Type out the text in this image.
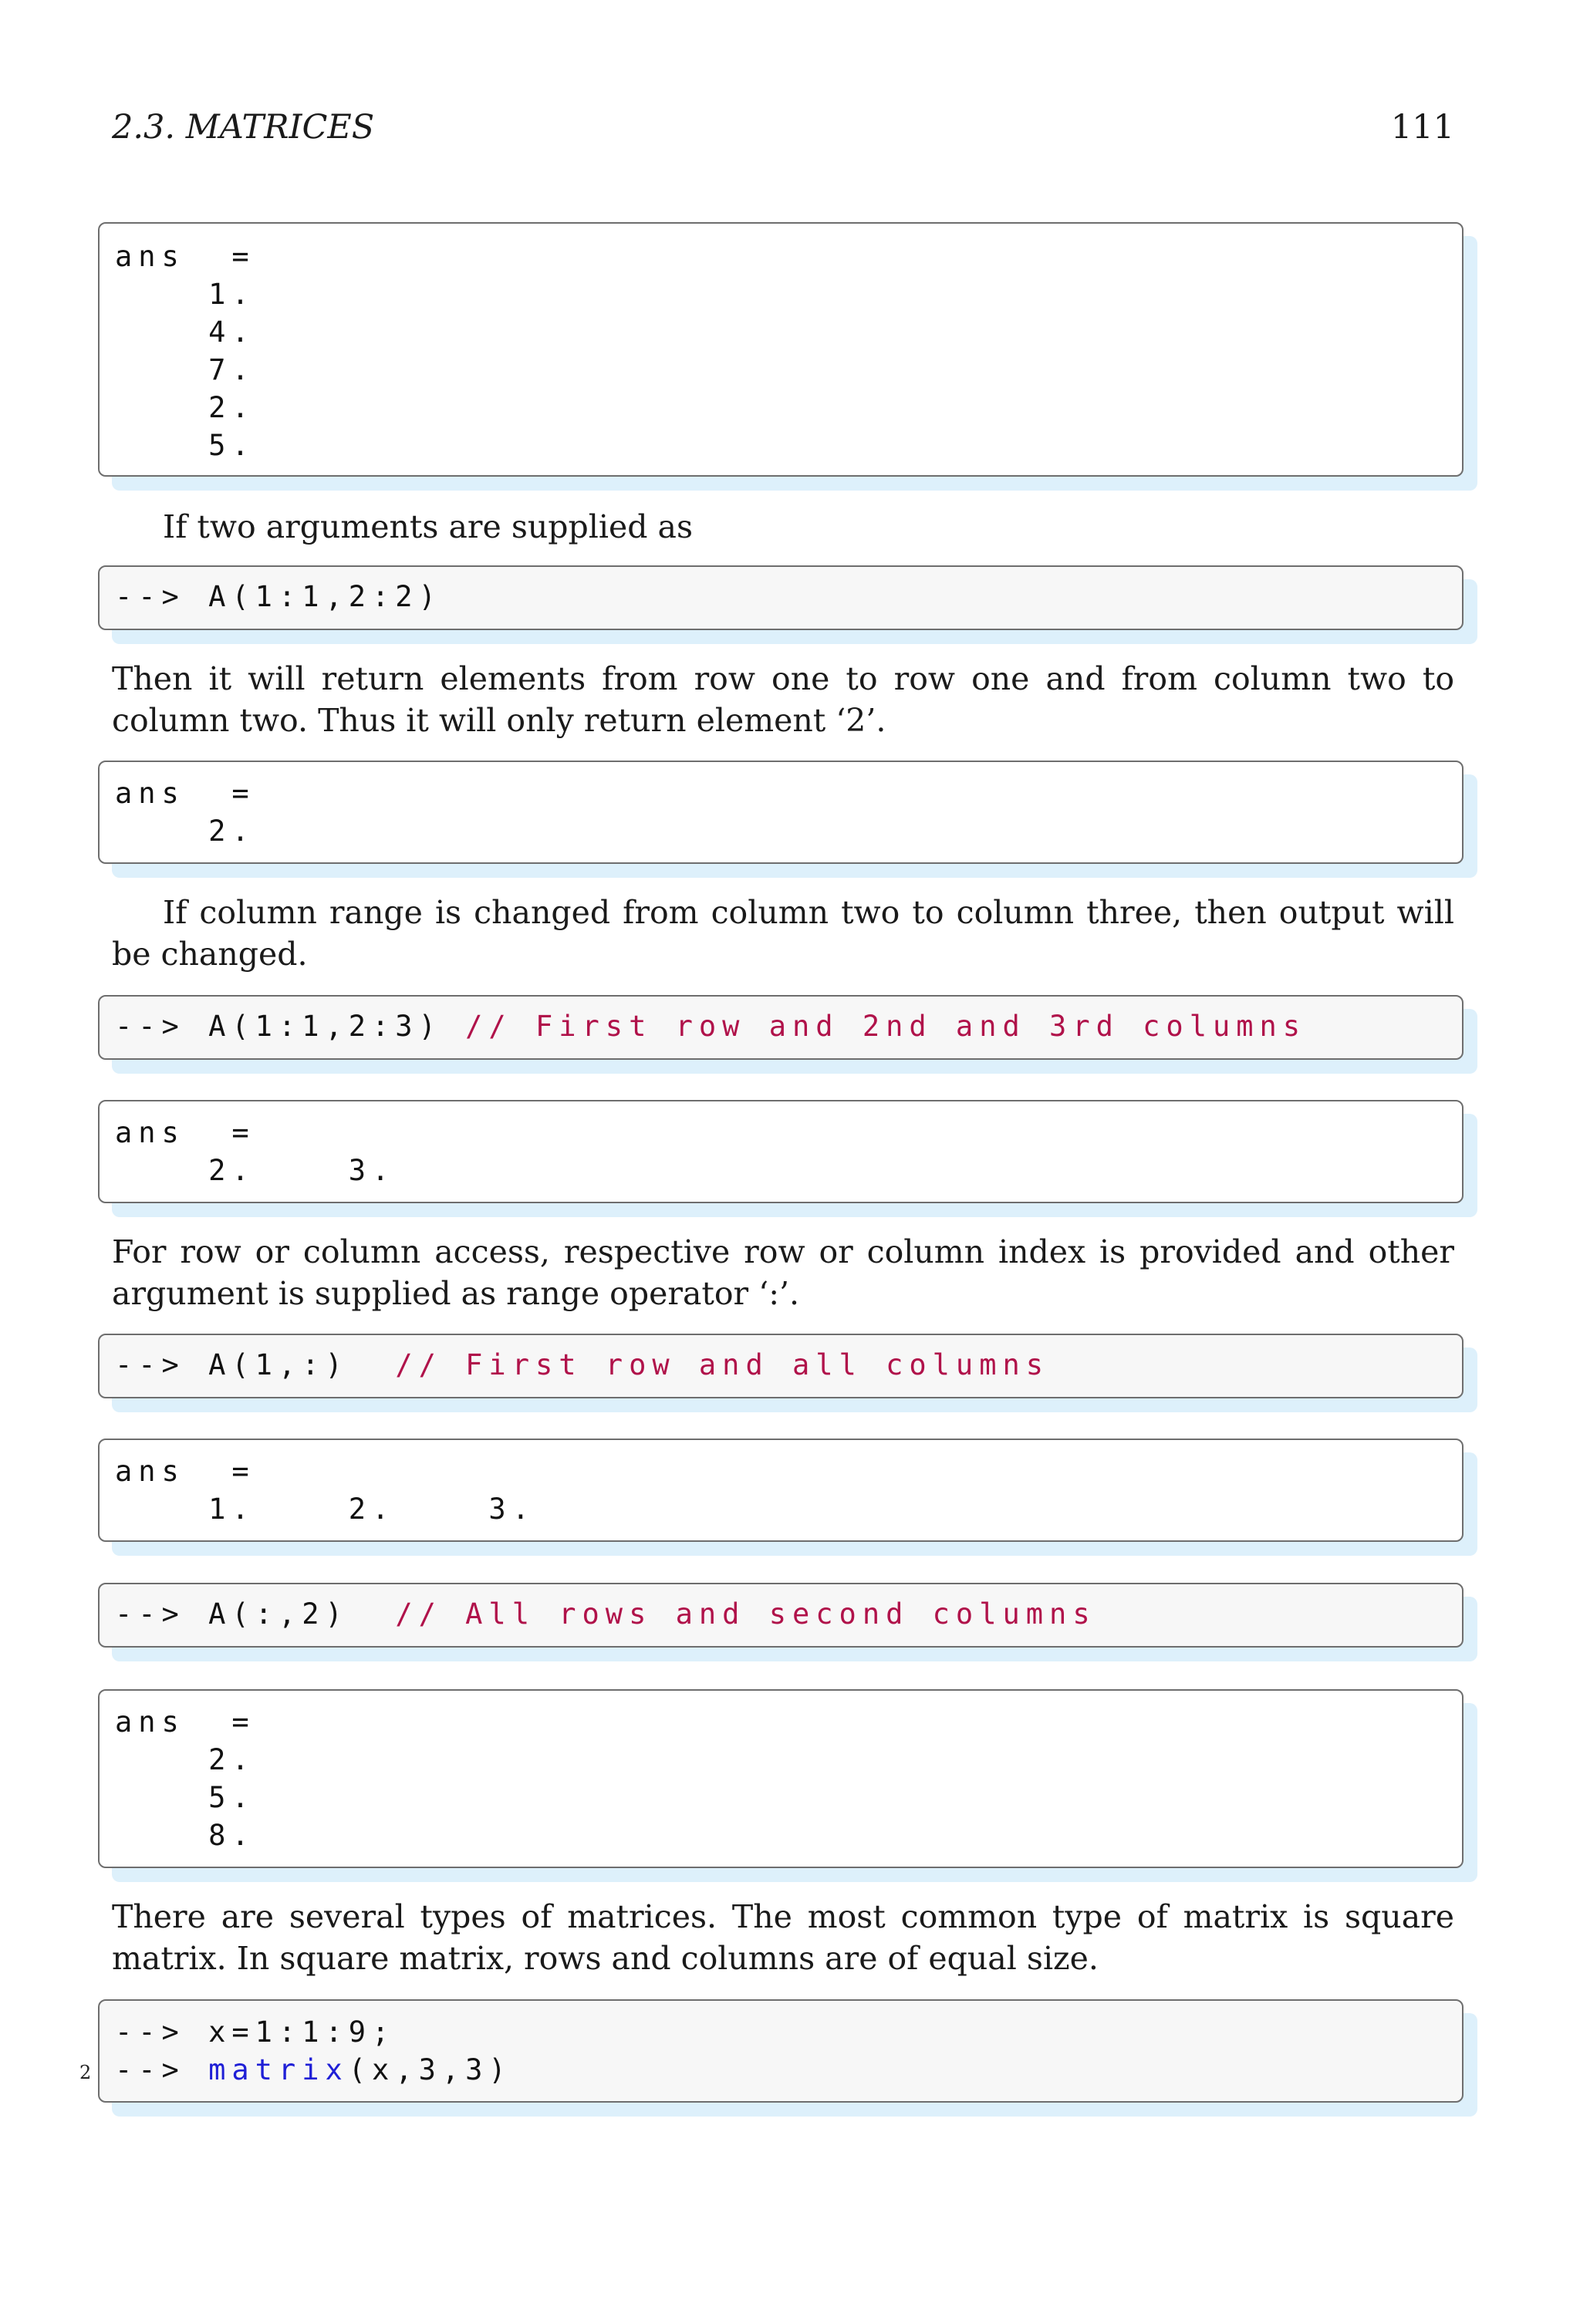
2.3. MATRICES	111
ans  =
1.
4.
7.
2.
5.

If two arguments are supplied as

--> A(1:1,2:2)

Then it will return elements from row one to row one and from column two to column two. Thus it will only return element ‘2’.

ans  =
2.

If column range is changed from column two to column three, then output will be changed.

--> A(1:1,2:3) // First row and 2nd and 3rd columns
ans  =
2.    3.

For row or column access, respective row or column index is provided and other argument is supplied as range operator ‘:’.

--> A(1,:)  // First row and all columns
ans  =
1.    2.    3.
--> A(:,2)  // All rows and second columns
ans  =
2.
5.
8.

There are several types of matrices. The most common type of matrix is square matrix. In square matrix, rows and columns are of equal size.

--> x=1:1:9;
--> matrix(x,3,3)
2
